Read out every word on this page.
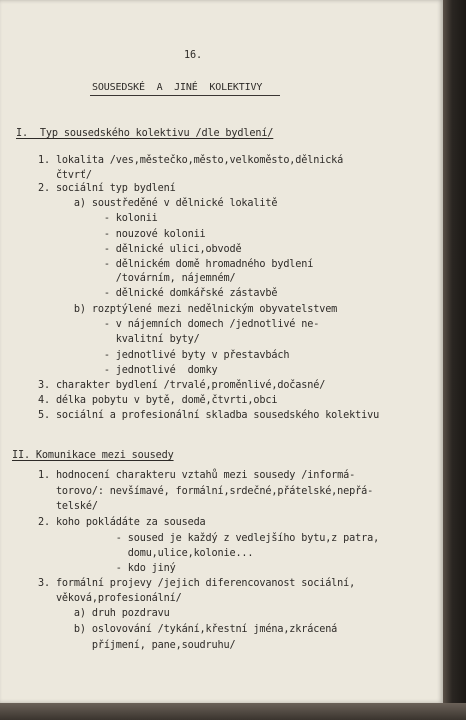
16.
SOUSEDSKÉ  A  JINÉ  KOLEKTIVY
I.  Typ sousedského kolektivu /dle bydlení/
1. lokalita /ves,městečko,město,velkoměsto,dělnická
čtvrť/
2. sociální typ bydlení
a) soustředěné v dělnické lokalitě
- kolonii
- nouzové kolonii
- dělnické ulici,obvodě
- dělnickém domě hromadného bydlení
/továrním, nájemném/
- dělnické domkářské zástavbě
b) rozptýlené mezi nedělnickým obyvatelstvem
- v nájemních domech /jednotlivé ne-
kvalitní byty/
- jednotlivé byty v přestavbách
- jednotlivé  domky
3. charakter bydlení /trvalé,proměnlivé,dočasné/
4. délka pobytu v bytě, domě,čtvrti,obci
5. sociální a profesionální skladba sousedského kolektivu
II. Komunikace mezi sousedy
1. hodnocení charakteru vztahů mezi sousedy /informá-
torovo/: nevšímavé, formální,srdečné,přátelské,nepřá-
telské/
2. koho pokládáte za souseda
- soused je každý z vedlejšího bytu,z patra,
domu,ulice,kolonie...
- kdo jiný
3. formální projevy /jejich diferencovanost sociální,
věková,profesionální/
a) druh pozdravu
b) oslovování /tykání,křestní jména,zkrácená
příjmení, pane,soudruhu/
